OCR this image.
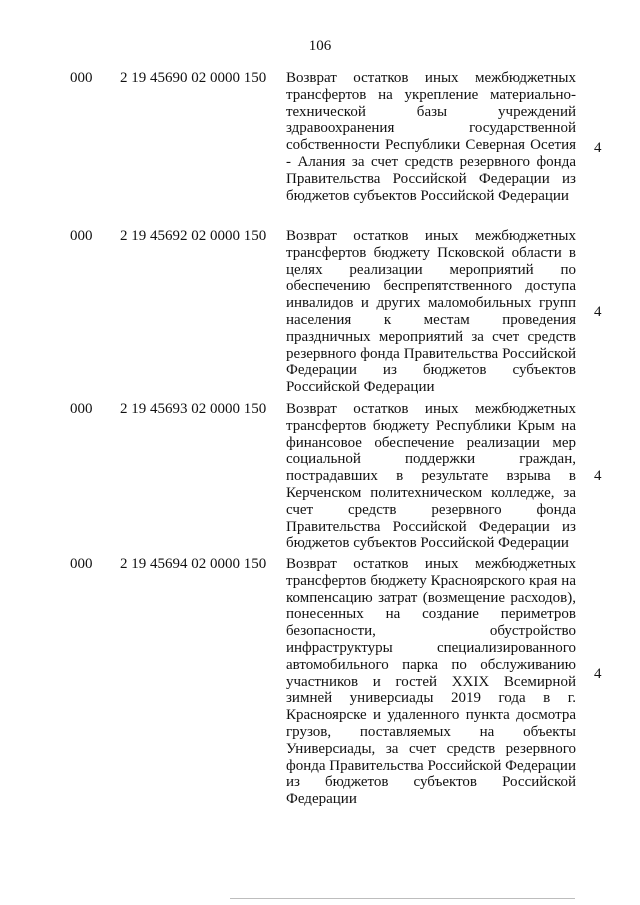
106
000 2 19 45690 02 0000 150 Возврат остатков иных межбюджетных трансфертов на укрепление материально-технической базы учреждений здравоохранения государственной собственности Республики Северная Осетия - Алания за счет средств резервного фонда Правительства Российской Федерации из бюджетов субъектов Российской Федерации
4
000 2 19 45692 02 0000 150 Возврат остатков иных межбюджетных трансфертов бюджету Псковской области в целях реализации мероприятий по обеспечению беспрепятственного доступа инвалидов и других маломобильных групп населения к местам проведения праздничных мероприятий за счет средств резервного фонда Правительства Российской Федерации из бюджетов субъектов Российской Федерации
4
000 2 19 45693 02 0000 150 Возврат остатков иных межбюджетных трансфертов бюджету Республики Крым на финансовое обеспечение реализации мер социальной поддержки граждан, пострадавших в результате взрыва в Керченском политехническом колледже, за счет средств резервного фонда Правительства Российской Федерации из бюджетов субъектов Российской Федерации
4
000 2 19 45694 02 0000 150 Возврат остатков иных межбюджетных трансфертов бюджету Красноярского края на компенсацию затрат (возмещение расходов), понесенных на создание периметров безопасности, обустройство инфраструктуры специализированного автомобильного парка по обслуживанию участников и гостей XXIX Всемирной зимней универсиады 2019 года в г. Красноярске и удаленного пункта досмотра грузов, поставляемых на объекты Универсиады, за счет средств резервного фонда Правительства Российской Федерации из бюджетов субъектов Российской Федерации
4
